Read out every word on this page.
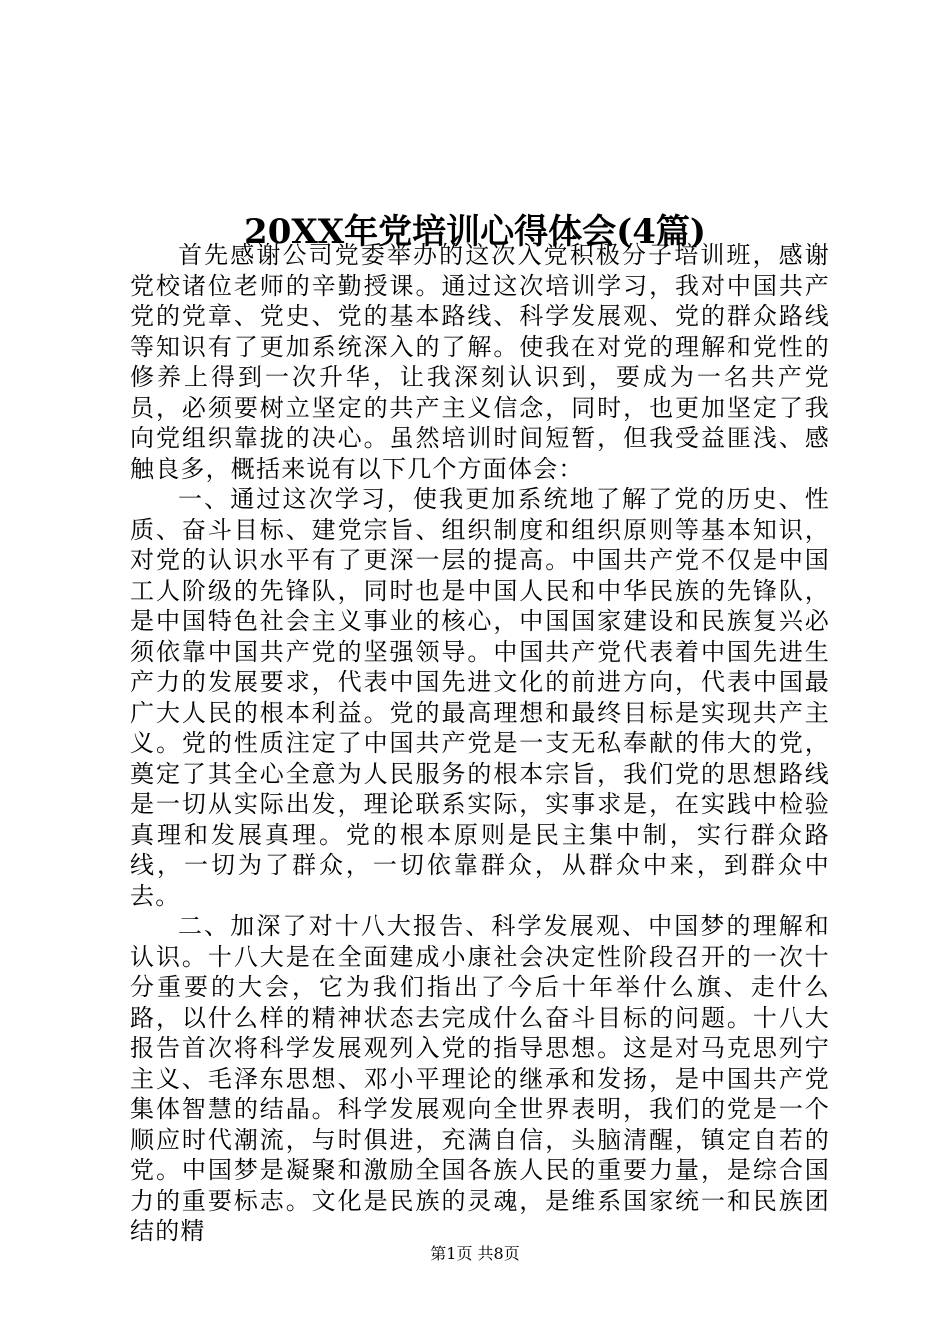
20XX年党培训心得体会(4篇)

首先感谢公司党委举办的这次入党积极分子培训班，感谢党校诸位老师的辛勤授课。通过这次培训学习，我对中国共产党的党章、党史、党的基本路线、科学发展观、党的群众路线等知识有了更加系统深入的了解。使我在对党的理解和党性的修养上得到一次升华，让我深刻认识到，要成为一名共产党员，必须要树立坚定的共产主义信念，同时，也更加坚定了我向党组织靠拢的决心。虽然培训时间短暂，但我受益匪浅、感触良多，概括来说有以下几个方面体会：

一、通过这次学习，使我更加系统地了解了党的历史、性质、奋斗目标、建党宗旨、组织制度和组织原则等基本知识，对党的认识水平有了更深一层的提高。中国共产党不仅是中国工人阶级的先锋队，同时也是中国人民和中华民族的先锋队，是中国特色社会主义事业的核心，中国国家建设和民族复兴必须依靠中国共产党的坚强领导。中国共产党代表着中国先进生产力的发展要求，代表中国先进文化的前进方向，代表中国最广大人民的根本利益。党的最高理想和最终目标是实现共产主义。党的性质注定了中国共产党是一支无私奉献的伟大的党，奠定了其全心全意为人民服务的根本宗旨，我们党的思想路线是一切从实际出发，理论联系实际，实事求是，在实践中检验真理和发展真理。党的根本原则是民主集中制，实行群众路线，一切为了群众，一切依靠群众，从群众中来，到群众中去。

二、加深了对十八大报告、科学发展观、中国梦的理解和认识。十八大是在全面建成小康社会决定性阶段召开的一次十分重要的大会，它为我们指出了今后十年举什么旗、走什么路，以什么样的精神状态去完成什么奋斗目标的问题。十八大报告首次将科学发展观列入党的指导思想。这是对马克思列宁主义、毛泽东思想、邓小平理论的继承和发扬，是中国共产党集体智慧的结晶。科学发展观向全世界表明，我们的党是一个顺应时代潮流，与时俱进，充满自信，头脑清醒，镇定自若的党。中国梦是凝聚和激励全国各族人民的重要力量，是综合国力的重要标志。文化是民族的灵魂，是维系国家统一和民族团结的精

第1页 共8页
